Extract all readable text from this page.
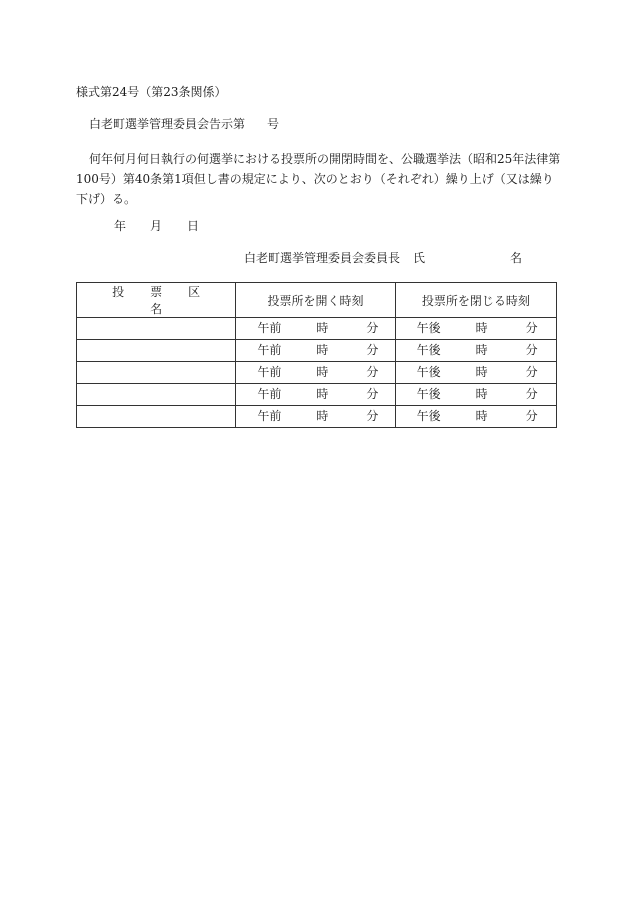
様式第24号（第23条関係）
白老町選挙管理委員会告示第 号
何年何月何日執行の何選挙における投票所の開閉時間を、公職選挙法（昭和25年法律第100号）第40条第1項但し書の規定により、次のとおり（それぞれ）繰り上げ（又は繰り下げ）る。
年 月 日
白老町選挙管理委員会委員長 氏	名
投票区名	投票所を開く時刻	投票所を閉じる時刻

	午前 時 分	午後 時 分

	午前 時 分	午後 時 分

	午前 時 分	午後 時 分

	午前 時 分	午後 時 分

	午前 時 分	午後 時 分
